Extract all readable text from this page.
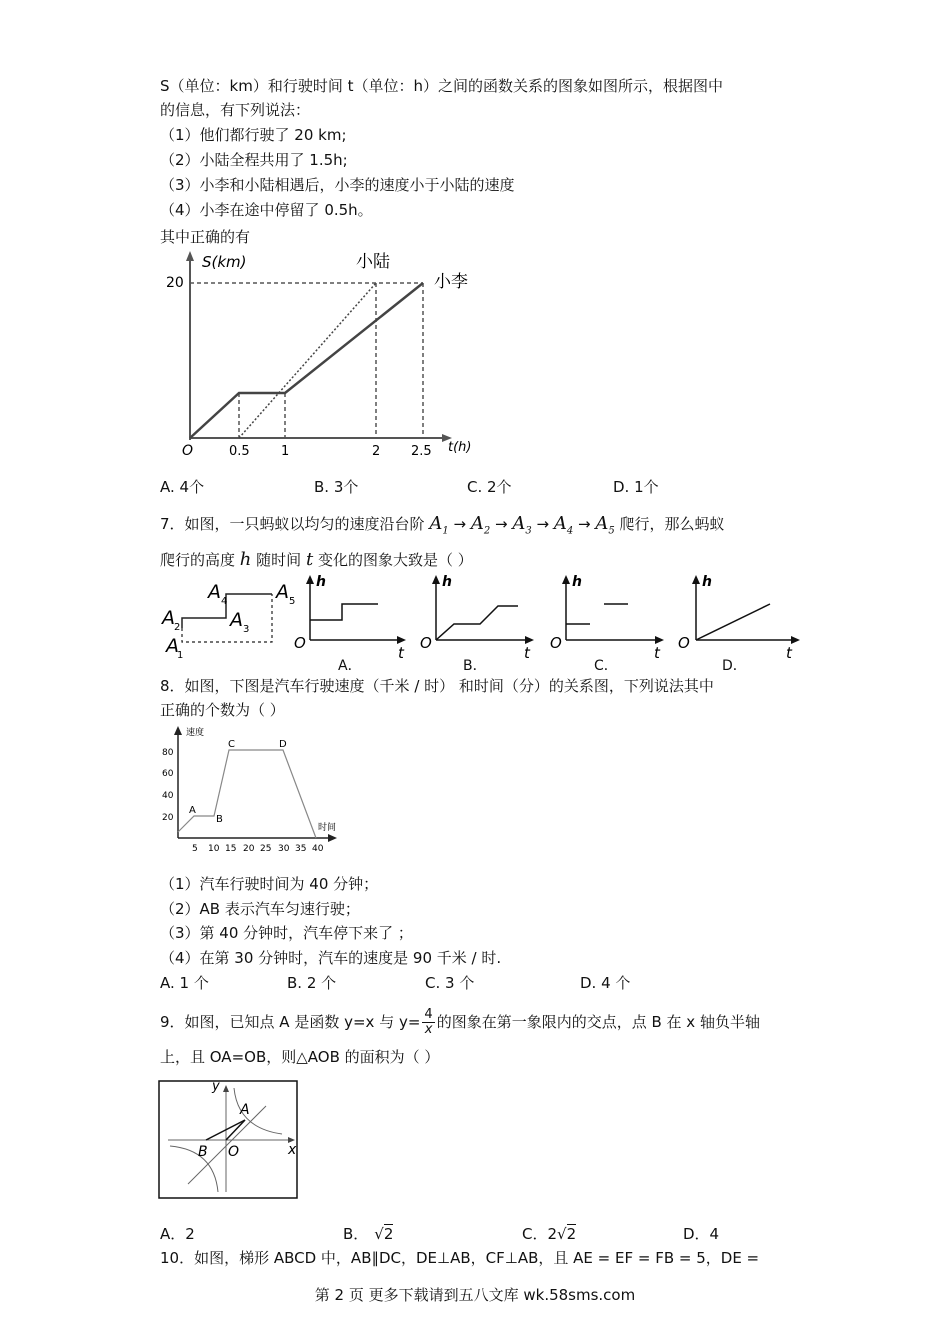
S（单位：km）和行驶时间 t（单位：h）之间的函数关系的图象如图所示，根据图中
的信息，有下列说法：
（1）他们都行驶了 20 km;
（2）小陆全程共用了 1.5h;
（3）小李和小陆相遇后，小李的速度小于小陆的速度
（4）小李在途中停留了 0.5h。
其中正确的有
S(km)
20
O	0.5 1	2 2.5 t(h)
小陆
小李
A. 4个	B. 3个	C. 2个	D. 1个
7．如图，一只蚂蚁以均匀的速度沿台阶 $A_1 \to A_2 \to A_3 \to A_4 \to A_5$ 爬行，那么蚂蚁
爬行的高度 h 随时间 t 变化的图象大致是（ ）
A
1
A 2	A 3
A 4	A 5
h
O
t
A．
h
O
t
B．
h
O
t
C．
h
O
t
D．
8．如图，下图是汽车行驶速度（千米 / 时） 和时间（分）的关系图，下列说法其中
正确的个数为（ ）
速度
80
60
40
20
5 10 15 20 25 30 35 40
时间
A
B
C	D
（1）汽车行驶时间为 40 分钟；
（2）AB 表示汽车匀速行驶；
（3）第 40 分钟时，汽车停下来了 ；
（4）在第 30 分钟时，汽车的速度是 90 千米 / 时.
A. 1 个	B. 2 个	C. 3 个	D. 4 个
9．如图，已知点 A 是函数 y=x 与 $y= \frac{4}{x}$ 的图象在第一象限内的交点，点 B 在 x 轴负半轴
上，且 OA=OB，则△AOB 的面积为（ ）
y
x
A
B O
A．2	B． √2	C．2√2	D．4
10．如图，梯形 ABCD 中，AB∥DC，DE⊥AB，CF⊥AB，且 AE = EF = FB = 5，DE =
第 2 页 更多下载请到五八文库 wk.58sms.com
